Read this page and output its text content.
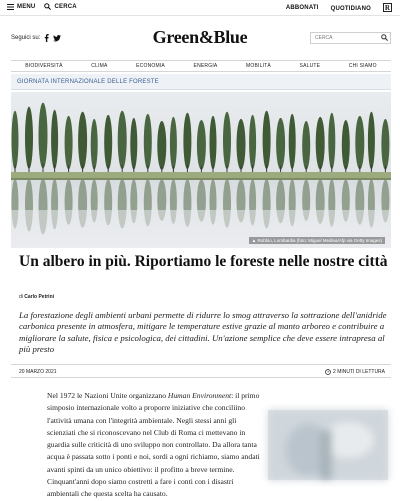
MENU	CERCA	ABBONATI QUOTIDIANO R
Seguici su:	Green&Blue
CERCA
BIODIVERSITÀ	CLIMA	ECONOMIA	ENERGIA	MOBILITÀ	SALUTE	CHI SIAMO
GIORNATA INTERNAZIONALE DELLE FORESTE
▲ Robbio, Lombardia (foto: Miguel Medina/Afp via Getty Images)
Un albero in più. Riportiamo le foreste nelle nostre città
di Carlo Petrini

La forestazione degli ambienti urbani permette di ridurre lo smog attraverso la sottrazione dell'anidride carbonica presente in atmosfera, mitigare le temperature estive grazie al manto arboreo e contribuire a migliorare la salute, fisica e psicologica, dei cittadini. Un'azione semplice che deve essere intrapresa al più presto

20 MARZO 2021	2 MINUTI DI LETTURA

Nel 1972 le Nazioni Unite organizzano Human Environment: il primo simposio internazionale volto a proporre iniziative che conciliino l'attività umana con l'integrità ambientale. Negli stessi anni gli scienziati che si riconoscevano nel Club di Roma ci mettevano in guardia sulle criticità di uno sviluppo non controllato. Da allora tanta acqua è passata sotto i ponti e noi, sordi a ogni richiamo, siamo andati avanti spinti da un unico obiettivo: il profitto a breve termine. Cinquant'anni dopo siamo costretti a fare i conti con i disastri ambientali che questa scelta ha causato.
